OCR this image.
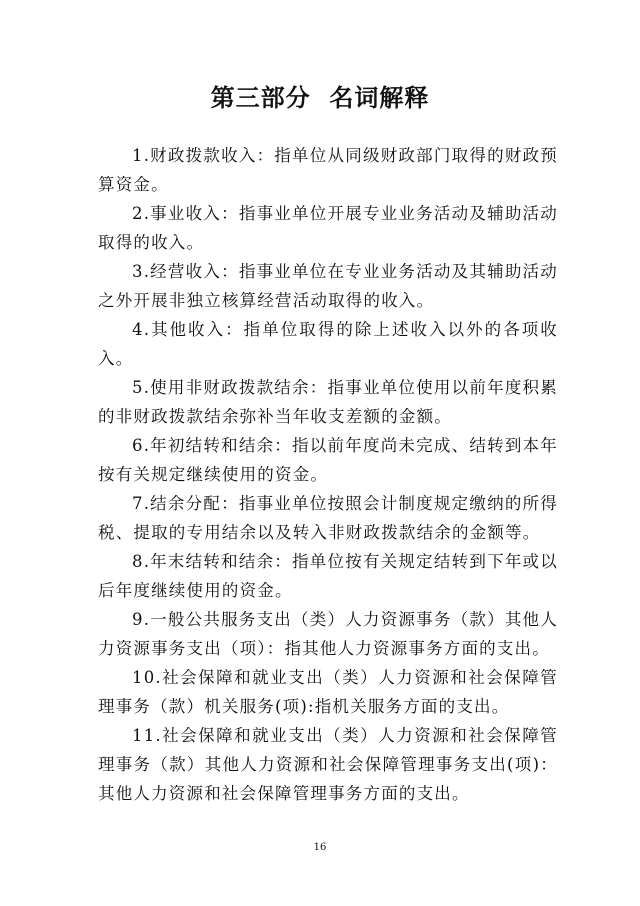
第三部分  名词解释

1.财政拨款收入：指单位从同级财政部门取得的财政预算资金。

2.事业收入：指事业单位开展专业业务活动及辅助活动取得的收入。

3.经营收入：指事业单位在专业业务活动及其辅助活动之外开展非独立核算经营活动取得的收入。

4.其他收入：指单位取得的除上述收入以外的各项收入。

5.使用非财政拨款结余：指事业单位使用以前年度积累的非财政拨款结余弥补当年收支差额的金额。

6.年初结转和结余：指以前年度尚未完成、结转到本年按有关规定继续使用的资金。

7.结余分配：指事业单位按照会计制度规定缴纳的所得税、提取的专用结余以及转入非财政拨款结余的金额等。

8.年末结转和结余：指单位按有关规定结转到下年或以后年度继续使用的资金。

9.一般公共服务支出（类）人力资源事务（款）其他人力资源事务支出（项）：指其他人力资源事务方面的支出。

10.社会保障和就业支出（类）人力资源和社会保障管理事务（款）机关服务(项):指机关服务方面的支出。

11.社会保障和就业支出（类）人力资源和社会保障管理事务（款）其他人力资源和社会保障管理事务支出(项)：其他人力资源和社会保障管理事务方面的支出。

16
